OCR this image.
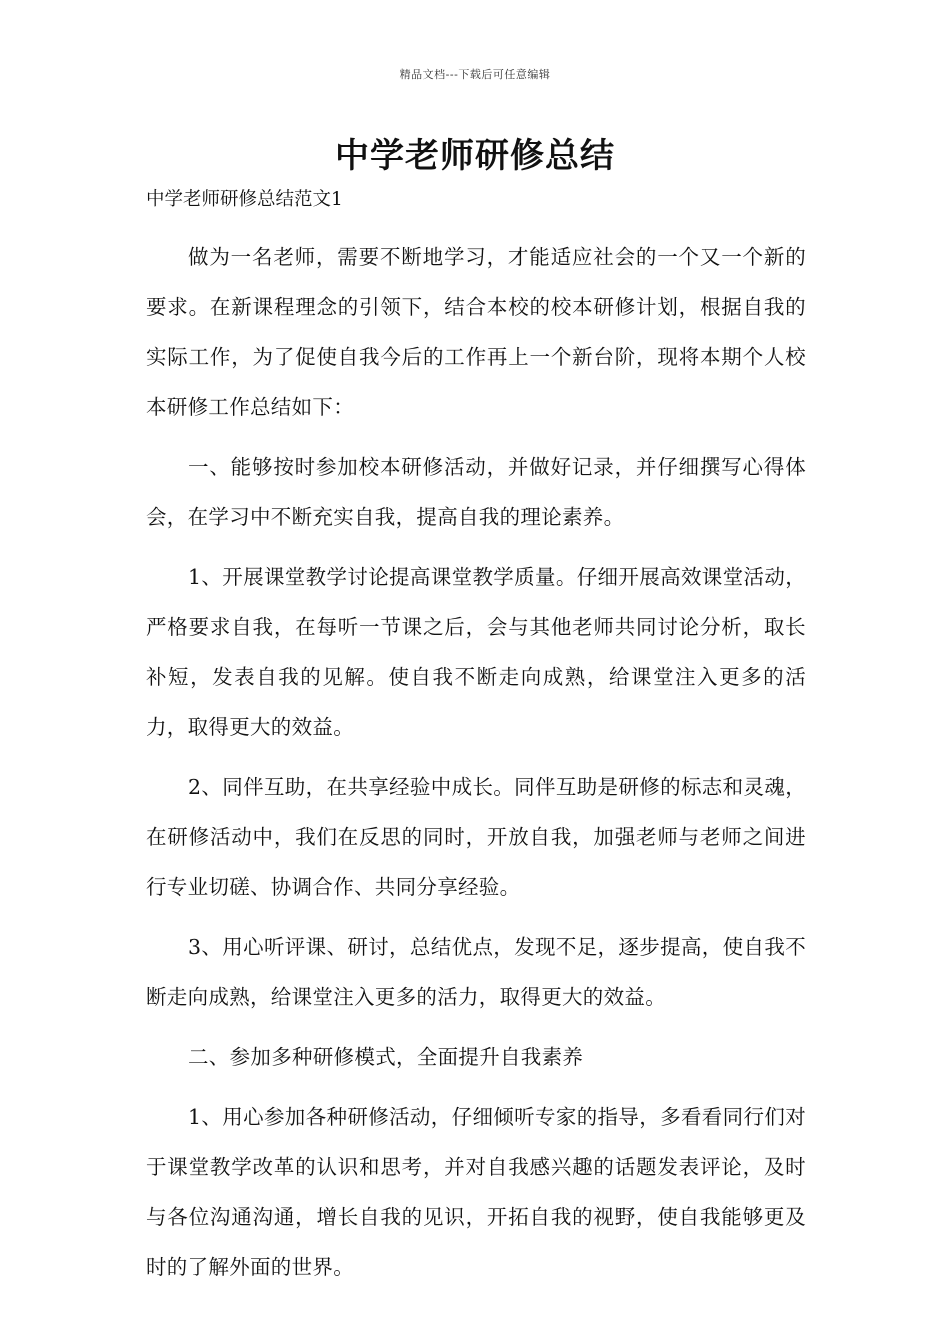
精品文档---下载后可任意编辑
中学老师研修总结
中学老师研修总结范文1

做为一名老师，需要不断地学习，才能适应社会的一个又一个新的要求。在新课程理念的引领下，结合本校的校本研修计划，根据自我的实际工作，为了促使自我今后的工作再上一个新台阶，现将本期个人校本研修工作总结如下：

一、能够按时参加校本研修活动，并做好记录，并仔细撰写心得体会，在学习中不断充实自我，提高自我的理论素养。

1、开展课堂教学讨论提高课堂教学质量。仔细开展高效课堂活动，严格要求自我，在每听一节课之后，会与其他老师共同讨论分析，取长补短，发表自我的见解。使自我不断走向成熟，给课堂注入更多的活力，取得更大的效益。

2、同伴互助，在共享经验中成长。同伴互助是研修的标志和灵魂，在研修活动中，我们在反思的同时，开放自我，加强老师与老师之间进行专业切磋、协调合作、共同分享经验。

3、用心听评课、研讨，总结优点，发现不足，逐步提高，使自我不断走向成熟，给课堂注入更多的活力，取得更大的效益。

二、参加多种研修模式，全面提升自我素养

1、用心参加各种研修活动，仔细倾听专家的指导，多看看同行们对于课堂教学改革的认识和思考，并对自我感兴趣的话题发表评论，及时与各位沟通沟通，增长自我的见识，开拓自我的视野，使自我能够更及时的了解外面的世界。
